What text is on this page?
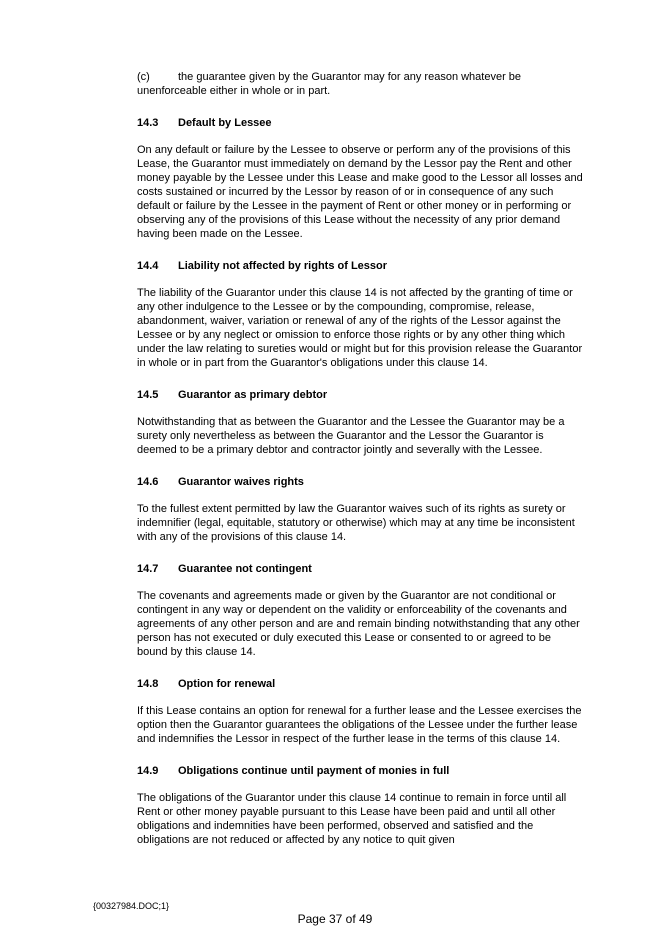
(c)	the guarantee given by the Guarantor may for any reason whatever be unenforceable either in whole or in part.

14.3 Default by Lessee

On any default or failure by the Lessee to observe or perform any of the provisions of this Lease, the Guarantor must immediately on demand by the Lessor pay the Rent and other money payable by the Lessee under this Lease and make good to the Lessor all losses and costs sustained or incurred by the Lessor by reason of or in consequence of any such default or failure by the Lessee in the payment of Rent or other money or in performing or observing any of the provisions of this Lease without the necessity of any prior demand having been made on the Lessee.

14.4 Liability not affected by rights of Lessor

The liability of the Guarantor under this clause 14 is not affected by the granting of time or any other indulgence to the Lessee or by the compounding, compromise, release, abandonment, waiver, variation or renewal of any of the rights of the Lessor against the Lessee or by any neglect or omission to enforce those rights or by any other thing which under the law relating to sureties would or might but for this provision release the Guarantor in whole or in part from the Guarantor's obligations under this clause 14.

14.5 Guarantor as primary debtor

Notwithstanding that as between the Guarantor and the Lessee the Guarantor may be a surety only nevertheless as between the Guarantor and the Lessor the Guarantor is deemed to be a primary debtor and contractor jointly and severally with the Lessee.

14.6 Guarantor waives rights

To the fullest extent permitted by law the Guarantor waives such of its rights as surety or indemnifier (legal, equitable, statutory or otherwise) which may at any time be inconsistent with any of the provisions of this clause 14.

14.7 Guarantee not contingent

The covenants and agreements made or given by the Guarantor are not conditional or contingent in any way or dependent on the validity or enforceability of the covenants and agreements of any other person and are and remain binding notwithstanding that any other person has not executed or duly executed this Lease or consented to or agreed to be bound by this clause 14.

14.8 Option for renewal

If this Lease contains an option for renewal for a further lease and the Lessee exercises the option then the Guarantor guarantees the obligations of the Lessee under the further lease and indemnifies the Lessor in respect of the further lease in the terms of this clause 14.

14.9 Obligations continue until payment of monies in full

The obligations of the Guarantor under this clause 14 continue to remain in force until all Rent or other money payable pursuant to this Lease have been paid and until all other obligations and indemnities have been performed, observed and satisfied and the obligations are not reduced or affected by any notice to quit given

{00327984.DOC;1}
Page 37 of 49
